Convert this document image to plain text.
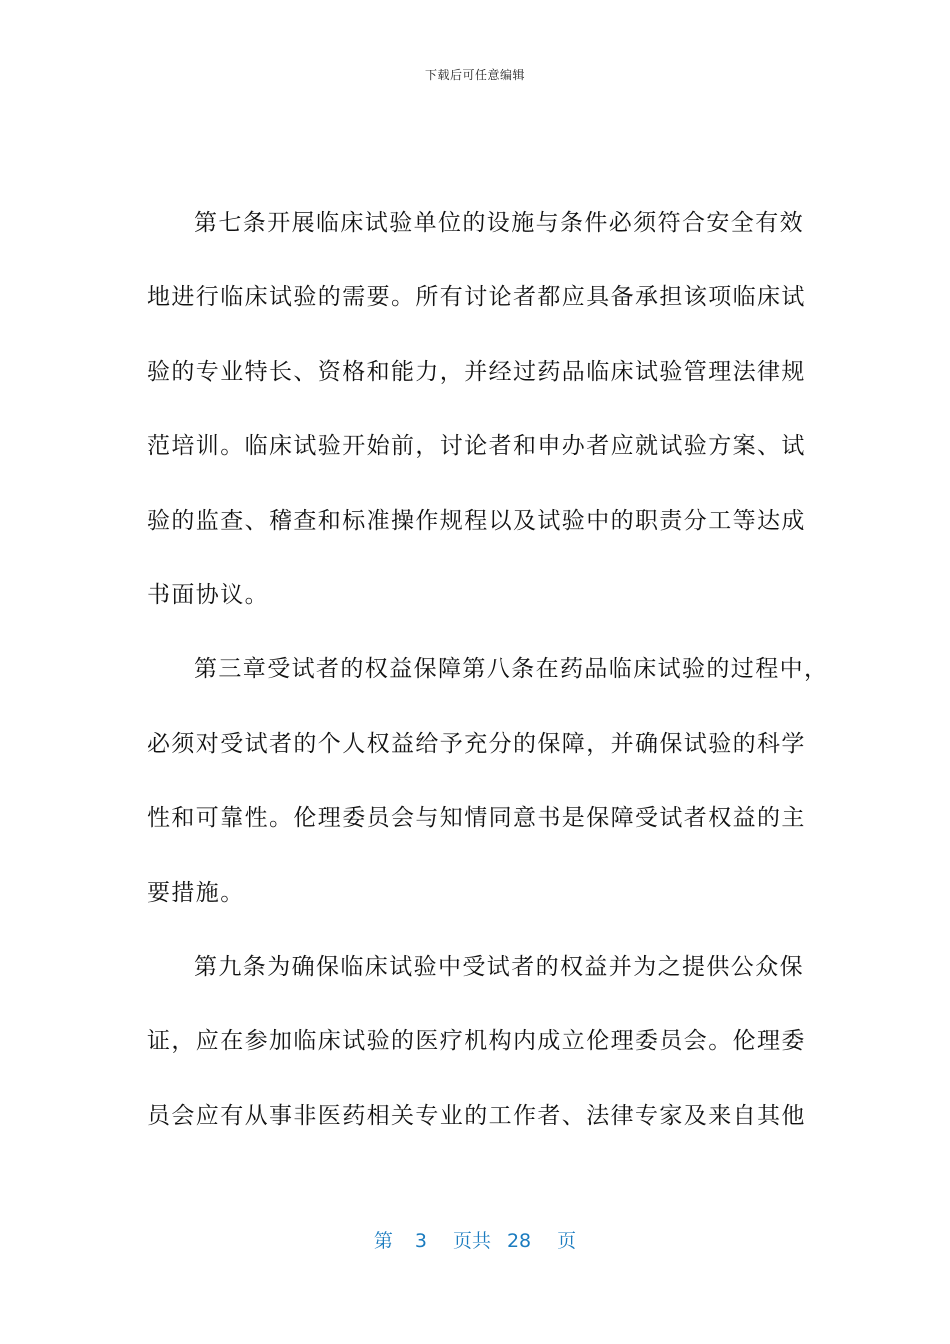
下载后可任意编辑
第七条开展临床试验单位的设施与条件必须符合安全有效
地进行临床试验的需要。所有讨论者都应具备承担该项临床试
验的专业特长、资格和能力，并经过药品临床试验管理法律规
范培训。临床试验开始前，讨论者和申办者应就试验方案、试
验的监查、稽查和标准操作规程以及试验中的职责分工等达成
书面协议。
第三章受试者的权益保障第八条在药品临床试验的过程中，
必须对受试者的个人权益给予充分的保障，并确保试验的科学
性和可靠性。伦理委员会与知情同意书是保障受试者权益的主
要措施。
第九条为确保临床试验中受试者的权益并为之提供公众保
证，应在参加临床试验的医疗机构内成立伦理委员会。伦理委
员会应有从事非医药相关专业的工作者、法律专家及来自其他
第 3 页共 28 页
